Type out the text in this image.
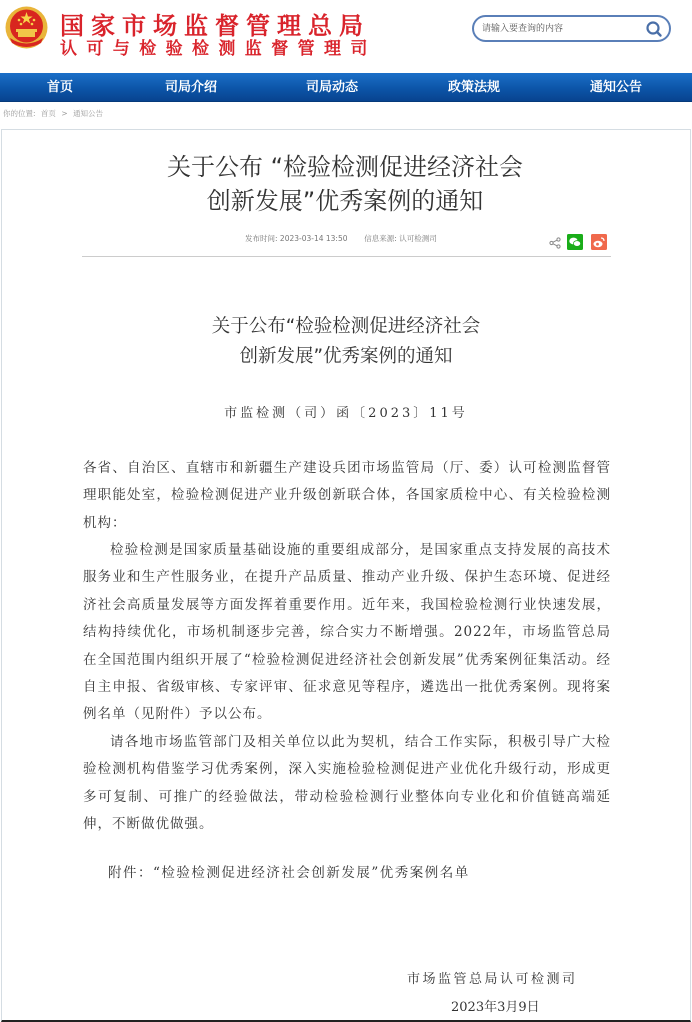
国家市场监督管理总局
认可与检验检测监督管理司
请输入要查询的内容
首页	司局介绍	司局动态	政策法规	通知公告
你的位置: 首页 > 通知公告
关于公布 “检验检测促进经济社会
创新发展”优秀案例的通知
发布时间: 2023-03-14 13:50 信息来源: 认可检测司
关于公布“检验检测促进经济社会
创新发展”优秀案例的通知
市监检测（司）函〔2023〕11号
各省、自治区、直辖市和新疆生产建设兵团市场监管局（厅、委）认可检测监督管理职能处室，检验检测促进产业升级创新联合体，各国家质检中心、有关检验检测机构：
检验检测是国家质量基础设施的重要组成部分，是国家重点支持发展的高技术服务业和生产性服务业，在提升产品质量、推动产业升级、保护生态环境、促进经济社会高质量发展等方面发挥着重要作用。近年来，我国检验检测行业快速发展，结构持续优化，市场机制逐步完善，综合实力不断增强。2022年，市场监管总局在全国范围内组织开展了“检验检测促进经济社会创新发展”优秀案例征集活动。经自主申报、省级审核、专家评审、征求意见等程序，遴选出一批优秀案例。现将案例名单（见附件）予以公布。
请各地市场监管部门及相关单位以此为契机，结合工作实际，积极引导广大检验检测机构借鉴学习优秀案例，深入实施检验检测促进产业优化升级行动，形成更多可复制、可推广的经验做法，带动检验检测行业整体向专业化和价值链高端延伸，不断做优做强。
附件：“检验检测促进经济社会创新发展”优秀案例名单
市场监管总局认可检测司
2023年3月9日
